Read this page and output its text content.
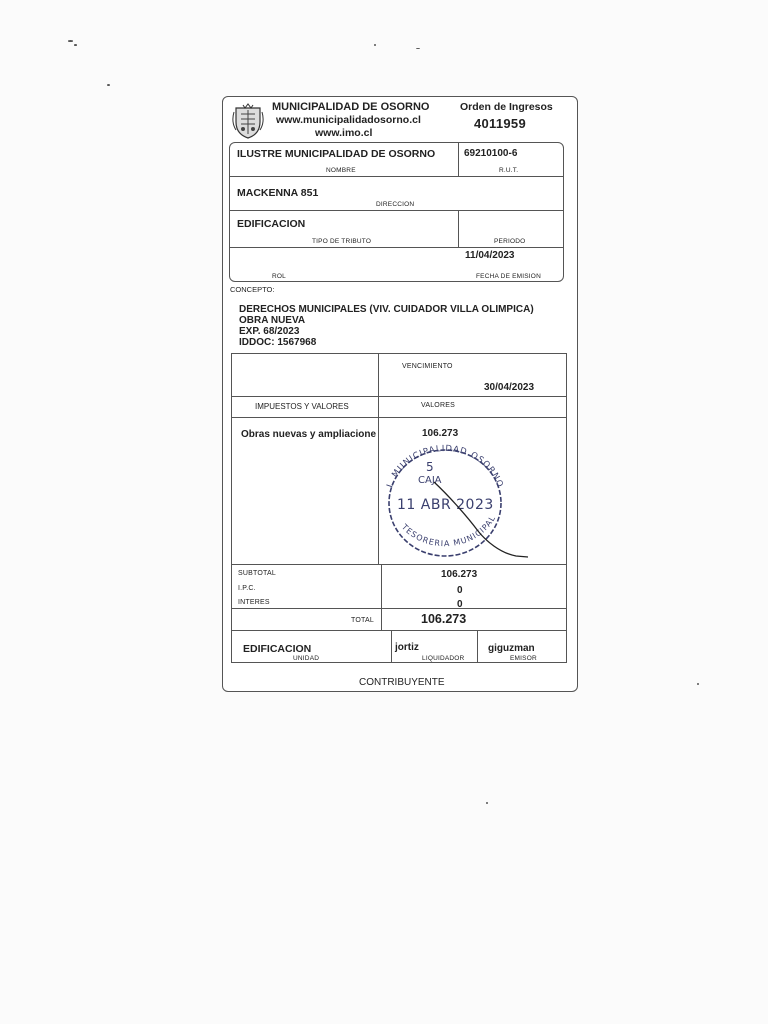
MUNICIPALIDAD DE OSORNO
www.municipalidadosorno.cl
www.imo.cl
Orden de Ingresos
4011959
ILUSTRE MUNICIPALIDAD DE OSORNO
NOMBRE
69210100-6
R.U.T.
MACKENNA 851
DIRECCION
EDIFICACION
TIPO DE TRIBUTO	PERIODO
11/04/2023
ROL	FECHA DE EMISION
CONCEPTO:
DERECHOS MUNICIPALES (VIV. CUIDADOR VILLA OLIMPICA)
OBRA NUEVA
EXP. 68/2023
IDDOC: 1567968
VENCIMIENTO
30/04/2023
IMPUESTOS Y VALORES	VALORES
Obras nuevas y ampliacione	106.273
SUBTOTAL	106.273
I.P.C.	0
INTERES	0
TOTAL	106.273
EDIFICACION
UNIDAD
jortiz
LIQUIDADOR
giguzman
EMISOR
CONTRIBUYENTE
I. MUNICIPALIDAD OSORNO
TESORERIA MUNICIPAL
5
CAJA
11 ABR 2023
